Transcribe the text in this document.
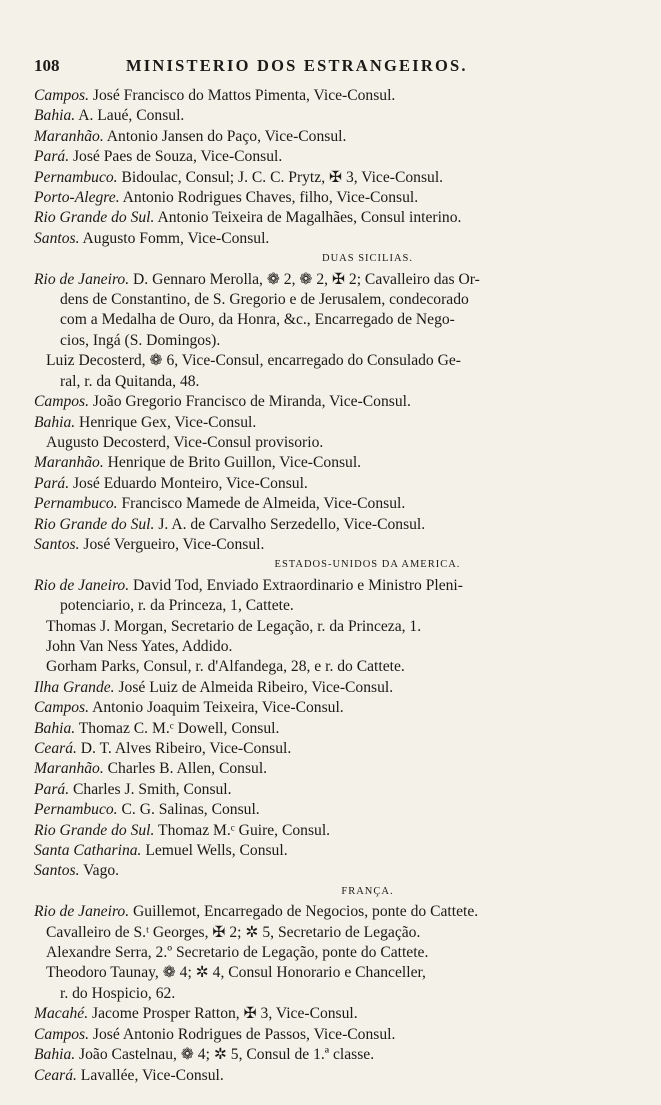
108	MINISTERIO DOS ESTRANGEIROS.
Campos. José Francisco do Mattos Pimenta, Vice-Consul.
Bahia. A. Laué, Consul.
Maranhão. Antonio Jansen do Paço, Vice-Consul.
Pará. José Paes de Souza, Vice-Consul.
Pernambuco. Bidoulac, Consul; J. C. C. Prytz, ✠ 3, Vice-Consul.
Porto-Alegre. Antonio Rodrigues Chaves, filho, Vice-Consul.
Rio Grande do Sul. Antonio Teixeira de Magalhães, Consul interino.
Santos. Augusto Fomm, Vice-Consul.
DUAS SICILIAS.
Rio de Janeiro. D. Gennaro Merolla, ❁ 2, ❁ 2, ✠ 2; Cavalleiro das Or-
dens de Constantino, de S. Gregorio e de Jerusalem, condecorado
com a Medalha de Ouro, da Honra, &c., Encarregado de Nego-
cios, Ingá (S. Domingos).
Luiz Decosterd, ❁ 6, Vice-Consul, encarregado do Consulado Ge-
ral, r. da Quitanda, 48.
Campos. João Gregorio Francisco de Miranda, Vice-Consul.
Bahia. Henrique Gex, Vice-Consul.
Augusto Decosterd, Vice-Consul provisorio.
Maranhão. Henrique de Brito Guillon, Vice-Consul.
Pará. José Eduardo Monteiro, Vice-Consul.
Pernambuco. Francisco Mamede de Almeida, Vice-Consul.
Rio Grande do Sul. J. A. de Carvalho Serzedello, Vice-Consul.
Santos. José Vergueiro, Vice-Consul.
ESTADOS-UNIDOS DA AMERICA.
Rio de Janeiro. David Tod, Enviado Extraordinario e Ministro Pleni-
potenciario, r. da Princeza, 1, Cattete.
Thomas J. Morgan, Secretario de Legação, r. da Princeza, 1.
John Van Ness Yates, Addido.
Gorham Parks, Consul, r. d'Alfandega, 28, e r. do Cattete.
Ilha Grande. José Luiz de Almeida Ribeiro, Vice-Consul.
Campos. Antonio Joaquim Teixeira, Vice-Consul.
Bahia. Thomaz C. M.ᶜ Dowell, Consul.
Ceará. D. T. Alves Ribeiro, Vice-Consul.
Maranhão. Charles B. Allen, Consul.
Pará. Charles J. Smith, Consul.
Pernambuco. C. G. Salinas, Consul.
Rio Grande do Sul. Thomaz M.ᶜ Guire, Consul.
Santa Catharina. Lemuel Wells, Consul.
Santos. Vago.
FRANÇA.
Rio de Janeiro. Guillemot, Encarregado de Negocios, ponte do Cattete.
Cavalleiro de S.ᵗ Georges, ✠ 2; ✲ 5, Secretario de Legação.
Alexandre Serra, 2.º Secretario de Legação, ponte do Cattete.
Theodoro Taunay, ❁ 4; ✲ 4, Consul Honorario e Chanceller,
r. do Hospicio, 62.
Macahé. Jacome Prosper Ratton, ✠ 3, Vice-Consul.
Campos. José Antonio Rodrigues de Passos, Vice-Consul.
Bahia. João Castelnau, ❁ 4; ✲ 5, Consul de 1.ª classe.
Ceará. Lavallée, Vice-Consul.
